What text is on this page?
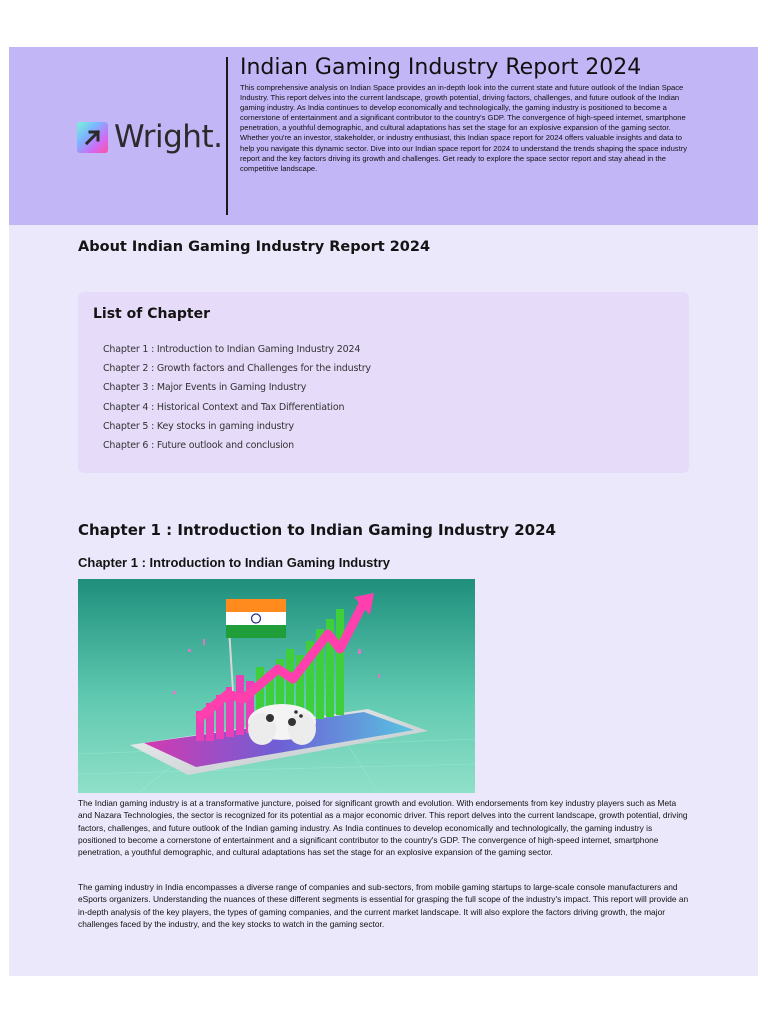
Wright.
Indian Gaming Industry Report 2024
This comprehensive analysis on Indian Space provides an in-depth look into the current state and future outlook of the Indian Space Industry. This report delves into the current landscape, growth potential, driving factors, challenges, and future outlook of the Indian gaming industry. As India continues to develop economically and technologically, the gaming industry is positioned to become a cornerstone of entertainment and a significant contributor to the country's GDP. The convergence of high-speed internet, smartphone penetration, a youthful demographic, and cultural adaptations has set the stage for an explosive expansion of the gaming sector. Whether you're an investor, stakeholder, or industry enthusiast, this Indian space report for 2024 offers valuable insights and data to help you navigate this dynamic sector. Dive into our Indian space report for 2024 to understand the trends shaping the space industry report and the key factors driving its growth and challenges. Get ready to explore the space sector report and stay ahead in the competitive landscape.
About Indian Gaming Industry Report 2024
List of Chapter
Chapter 1 : Introduction to Indian Gaming Industry 2024
Chapter 2 : Growth factors and Challenges for the industry
Chapter 3 : Major Events in Gaming Industry
Chapter 4 : Historical Context and Tax Differentiation
Chapter 5 : Key stocks in gaming industry
Chapter 6 : Future outlook and conclusion
Chapter 1 : Introduction to Indian Gaming Industry 2024
Chapter 1 : Introduction to Indian Gaming Industry

The Indian gaming industry is at a transformative juncture, poised for significant growth and evolution. With endorsements from key industry players such as Meta and Nazara Technologies, the sector is recognized for its potential as a major economic driver. This report delves into the current landscape, growth potential, driving factors, challenges, and future outlook of the Indian gaming industry. As India continues to develop economically and technologically, the gaming industry is positioned to become a cornerstone of entertainment and a significant contributor to the country's GDP. The convergence of high-speed internet, smartphone penetration, a youthful demographic, and cultural adaptations has set the stage for an explosive expansion of the gaming sector.

The gaming industry in India encompasses a diverse range of companies and sub-sectors, from mobile gaming startups to large-scale console manufacturers and eSports organizers. Understanding the nuances of these different segments is essential for grasping the full scope of the industry's impact. This report will provide an in-depth analysis of the key players, the types of gaming companies, and the current market landscape. It will also explore the factors driving growth, the major challenges faced by the industry, and the key stocks to watch in the gaming sector.
